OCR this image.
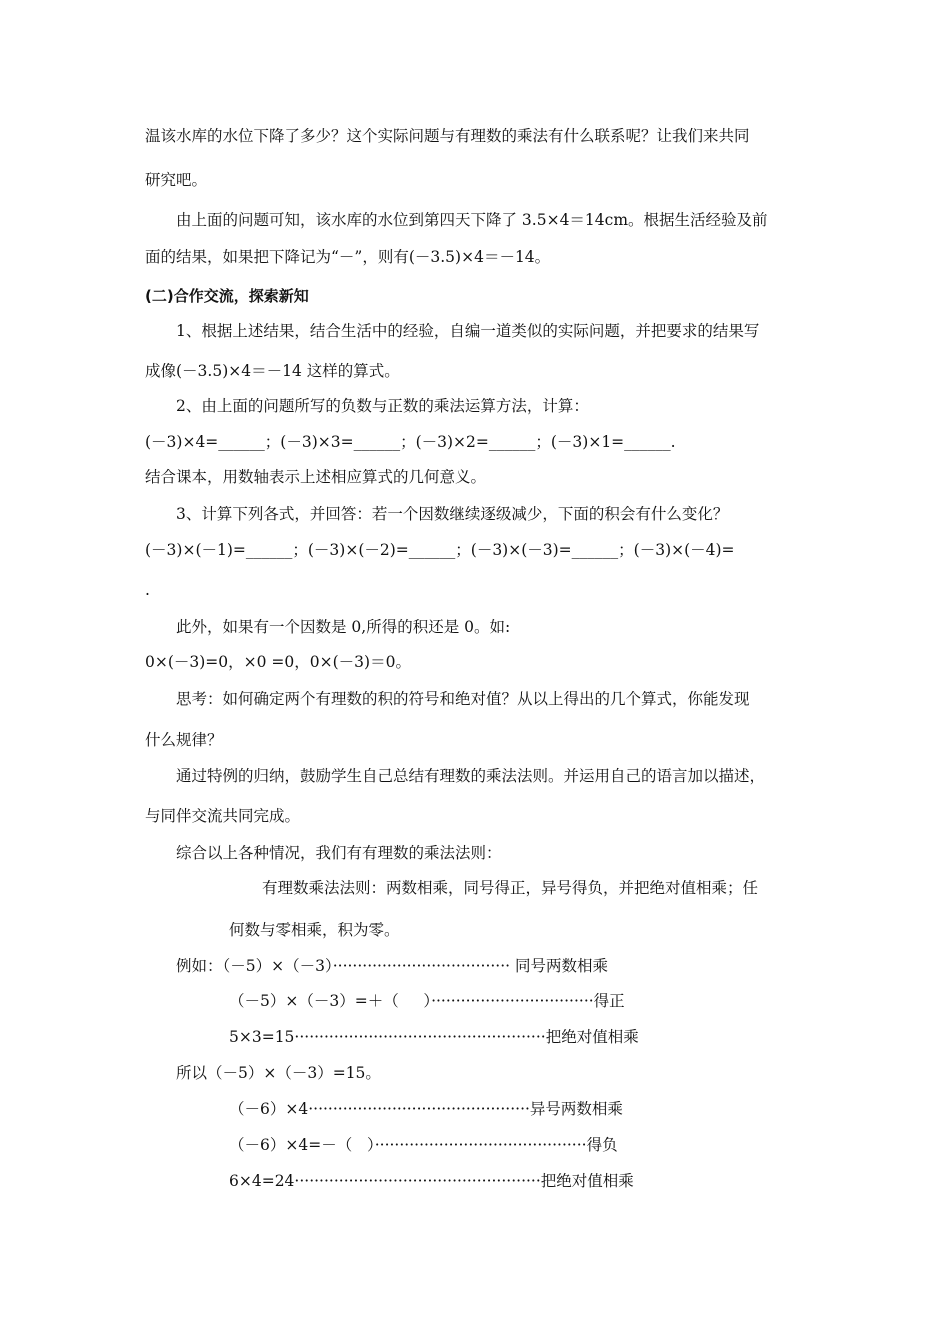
温该水库的水位下降了多少？这个实际问题与有理数的乘法有什么联系呢？让我们来共同
研究吧。
由上面的问题可知，该水库的水位到第四天下降了 3.5×4＝14cm。根据生活经验及前
面的结果，如果把下降记为“－”，则有(－3.5)×4＝－14。
(二)合作交流，探索新知
1、根据上述结果，结合生活中的经验，自编一道类似的实际问题，并把要求的结果写
成像(－3.5)×4＝－14 这样的算式。
2、由上面的问题所写的负数与正数的乘法运算方法，计算：
(－3)×4=______；(－3)×3=______；(－3)×2=______；(－3)×1=______.
结合课本，用数轴表示上述相应算式的几何意义。
3、计算下列各式，并回答：若一个因数继续逐级减少，下面的积会有什么变化？
(－3)×(－1)=______；(－3)×(－2)=______；(－3)×(－3)=______；(－3)×(－4)=
.
此外，如果有一个因数是 0,所得的积还是 0。如:
0×(－3)=0，×0 =0，0×(－3)＝0。
思考：如何确定两个有理数的积的符号和绝对值？从以上得出的几个算式，你能发现
什么规律？
通过特例的归纳，鼓励学生自己总结有理数的乘法法则。并运用自己的语言加以描述，
与同伴交流共同完成。
综合以上各种情况，我们有有理数的乘法法则：
有理数乘法法则：两数相乘，同号得正，异号得负，并把绝对值相乘；任
何数与零相乘，积为零。
例如：（－5）×（－3）···································· 同号两数相乘
（－5）×（－3）=＋（     ）·································得正
5×3=15···················································把绝对值相乘
所以（－5）×（－3）=15。
（－6）×4·············································异号两数相乘
（－6）×4=－（   ）···········································得负
6×4=24··················································把绝对值相乘
